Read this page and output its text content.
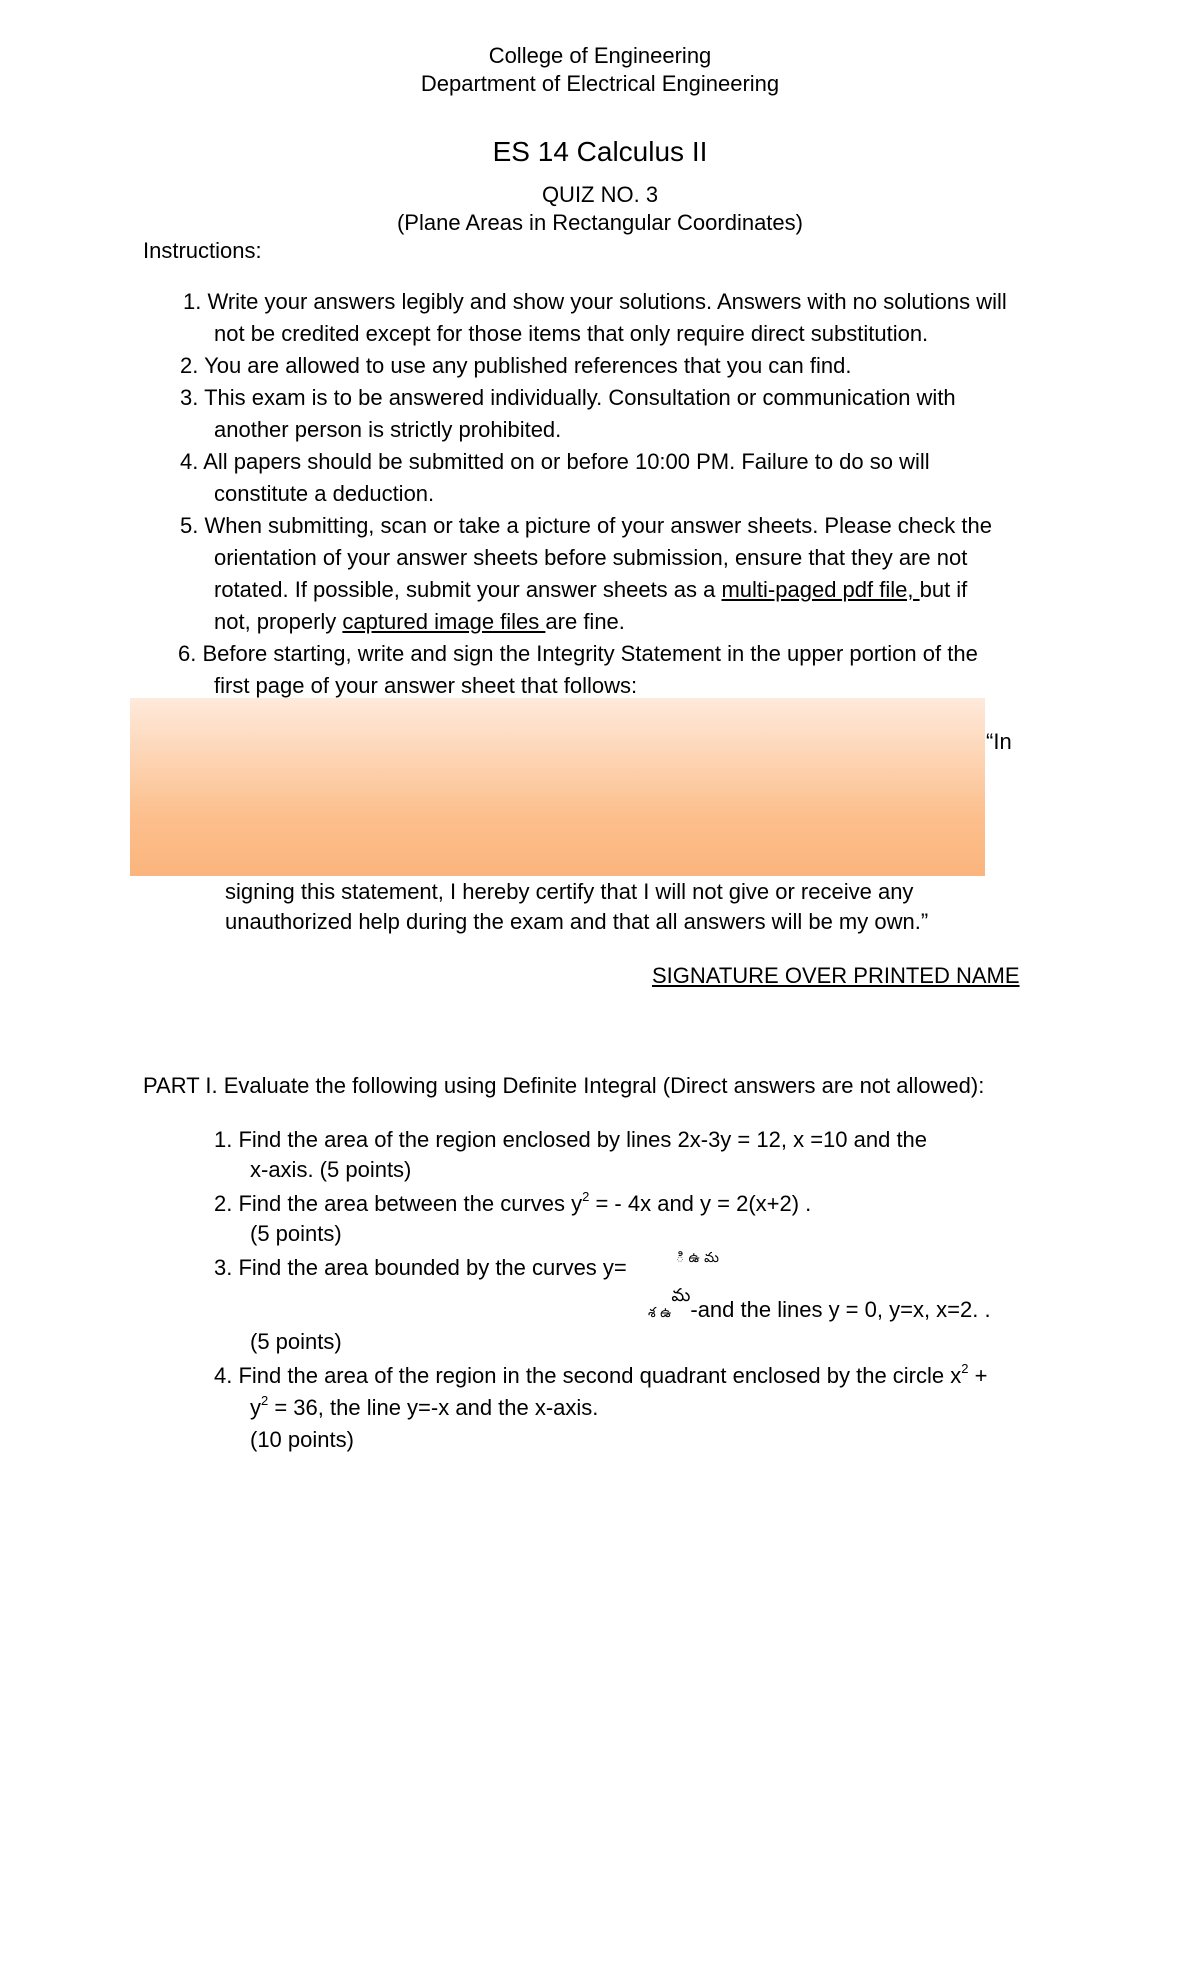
College of Engineering
Department of Electrical Engineering
ES 14 Calculus II
QUIZ NO. 3
(Plane Areas in Rectangular Coordinates)
Instructions:
1. Write your answers legibly and show your solutions. Answers with no solutions will
not be credited except for those items that only require direct substitution.
2. You are allowed to use any published references that you can find.
3. This exam is to be answered individually. Consultation or communication with
another person is strictly prohibited.
4. All papers should be submitted on or before 10:00 PM. Failure to do so will
constitute a deduction.
5. When submitting, scan or take a picture of your answer sheets. Please check the
orientation of your answer sheets before submission, ensure that they are not
rotated. If possible, submit your answer sheets as a multi-paged pdf file, but if
not, properly captured image files are fine.
6. Before starting, write and sign the Integrity Statement in the upper portion of the
first page of your answer sheet that follows:
“In
signing this statement, I hereby certify that I will not give or receive any
unauthorized help during the exam and that all answers will be my own.”
SIGNATURE OVER PRINTED NAME
PART I. Evaluate the following using Definite Integral (Direct answers are not allowed):
1. Find the area of the region enclosed by lines 2x-3y = 12, x =10 and the
x-axis. (5 points)
2. Find the area between the curves $y^2$ = - 4x and y = 2(x+2) .
(5 points)
3. Find the area bounded by the curves y=	ి ఉ మ
శ ఉ$^మ$-and the lines y = 0, y=x, x=2. .
(5 points)
4. Find the area of the region in the second quadrant enclosed by the circle $x^2$ +
$y^2 = 36$, the line y=-x and the x-axis.
(10 points)
